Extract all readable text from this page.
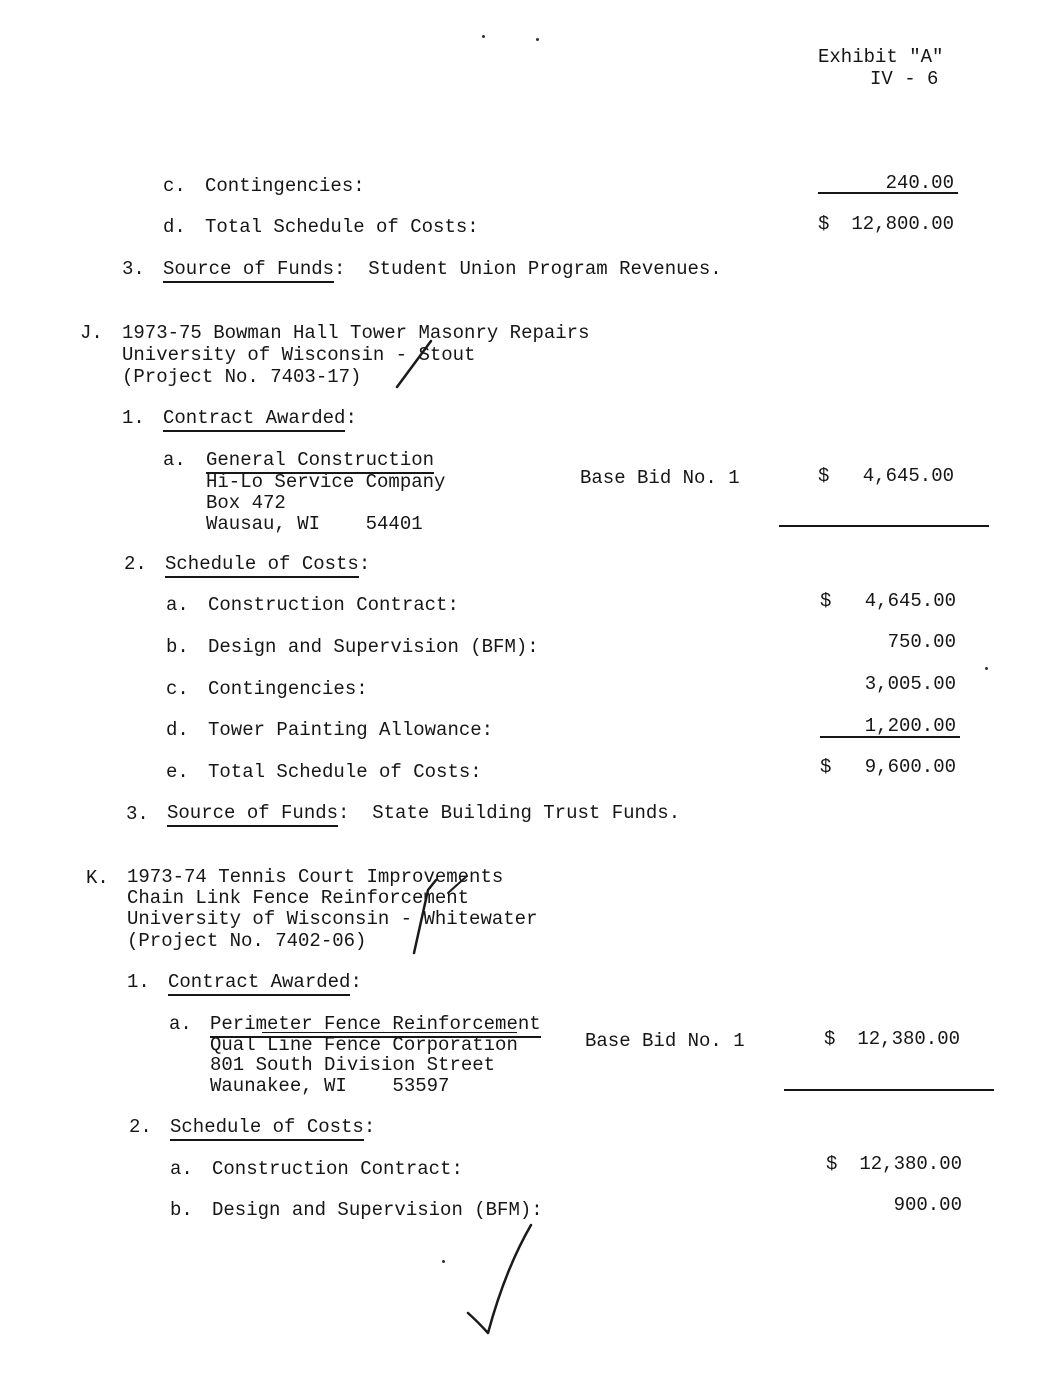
Exhibit "A"
IV - 6
c. Contingencies:	240.00
d. Total Schedule of Costs:	$	12,800.00
3. Source of Funds: Student Union Program Revenues.
J. 1973-75 Bowman Hall Tower Masonry Repairs
University of Wisconsin - Stout
(Project No. 7403-17)
1. Contract Awarded:
a. General Construction
Hi-Lo Service Company
Box 472
Wausau, WI    54401
Base Bid No. 1	$	4,645.00
2. Schedule of Costs:
a. Construction Contract:	$	4,645.00
b. Design and Supervision (BFM):	750.00
c. Contingencies:	3,005.00
d. Tower Painting Allowance:	1,200.00
e. Total Schedule of Costs:	$	9,600.00
3. Source of Funds: State Building Trust Funds.
K. 1973-74 Tennis Court Improvements
Chain Link Fence Reinforcement
University of Wisconsin - Whitewater
(Project No. 7402-06)
1. Contract Awarded:
a. Perimeter Fence Reinforcement
Qual Line Fence Corporation
801 South Division Street
Waunakee, WI    53597
Base Bid No. 1	$	12,380.00
2. Schedule of Costs:
a. Construction Contract:	$	12,380.00
b. Design and Supervision (BFM):	900.00
